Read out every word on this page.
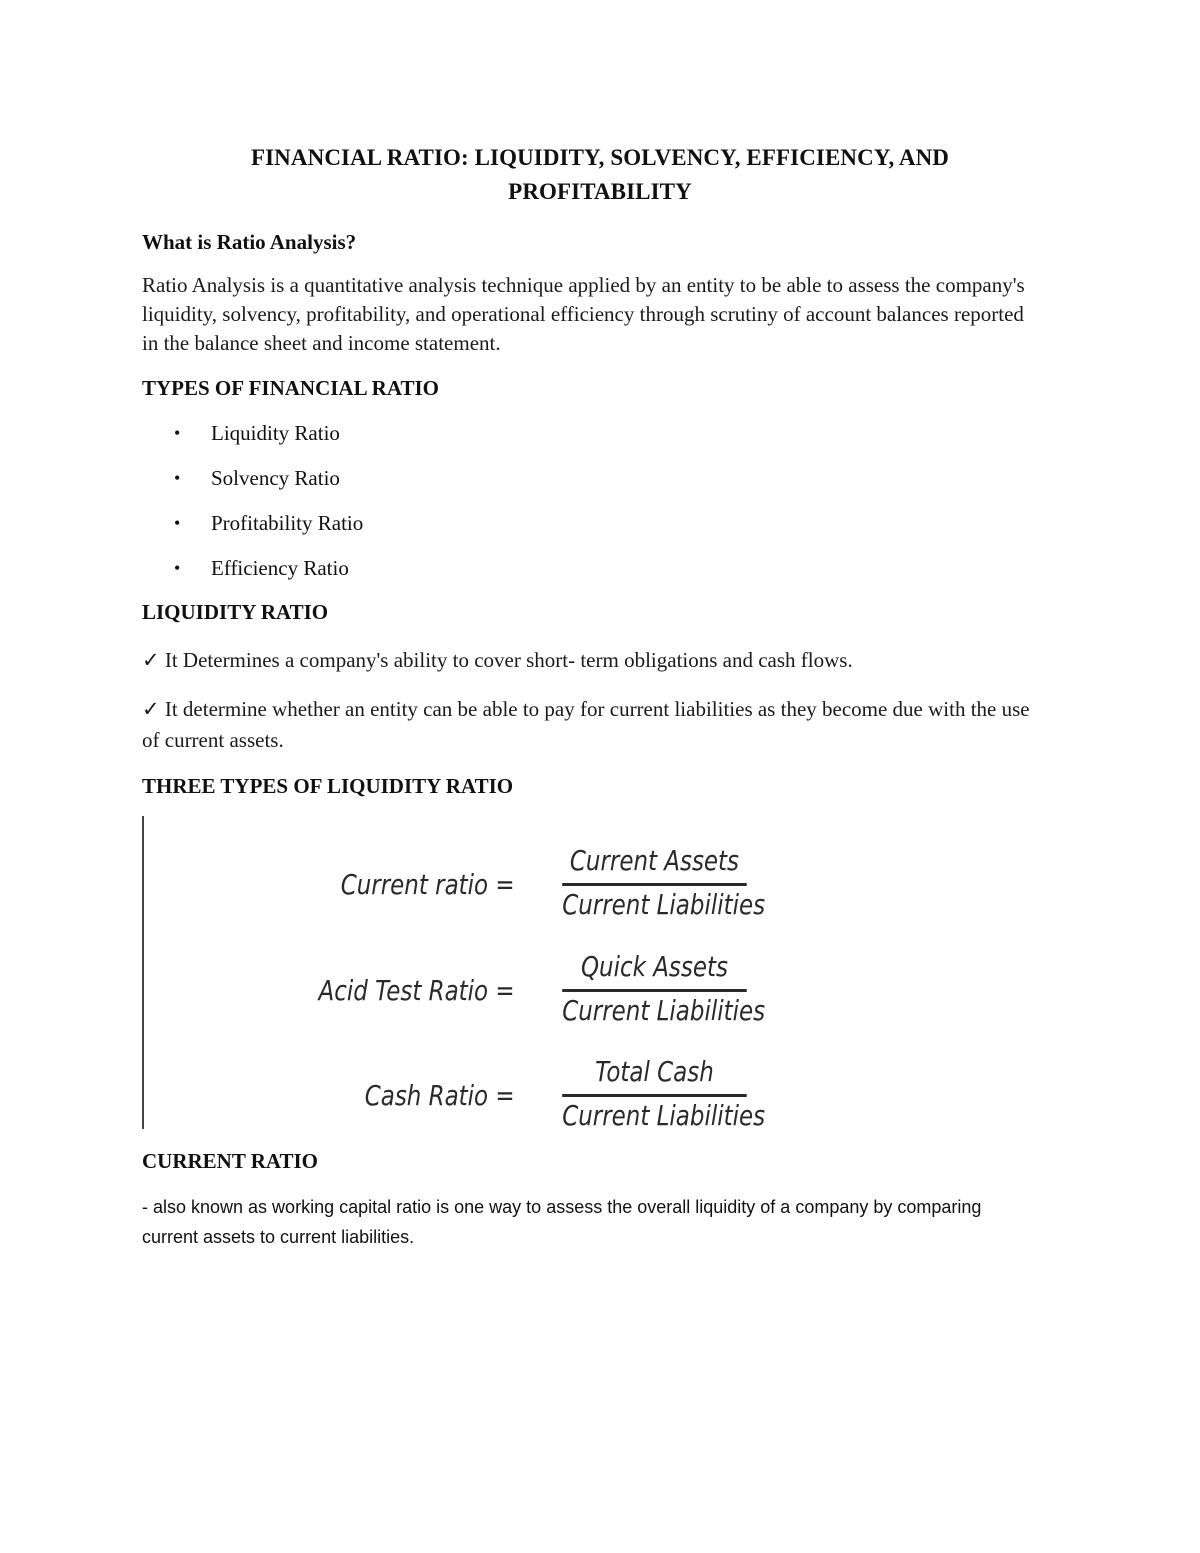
FINANCIAL RATIO: LIQUIDITY, SOLVENCY, EFFICIENCY, AND
PROFITABILITY
What is Ratio Analysis?
Ratio Analysis is a quantitative analysis technique applied by an entity to be able to assess the company's liquidity, solvency, profitability, and operational efficiency through scrutiny of account balances reported in the balance sheet and income statement.
TYPES OF FINANCIAL RATIO
• Liquidity Ratio
• Solvency Ratio
• Profitability Ratio
• Efficiency Ratio
LIQUIDITY RATIO
✓ It Determines a company's ability to cover short- term obligations and cash flows.
✓ It determine whether an entity can be able to pay for current liabilities as they become due with the use of current assets.
THREE TYPES OF LIQUIDITY RATIO
Current ratio =
Current Assets
Current Liabilities
Acid Test Ratio =
Quick Assets
Current Liabilities
Cash Ratio =
Total Cash
Current Liabilities
CURRENT RATIO
- also known as working capital ratio is one way to assess the overall liquidity of a company by comparing current assets to current liabilities.
